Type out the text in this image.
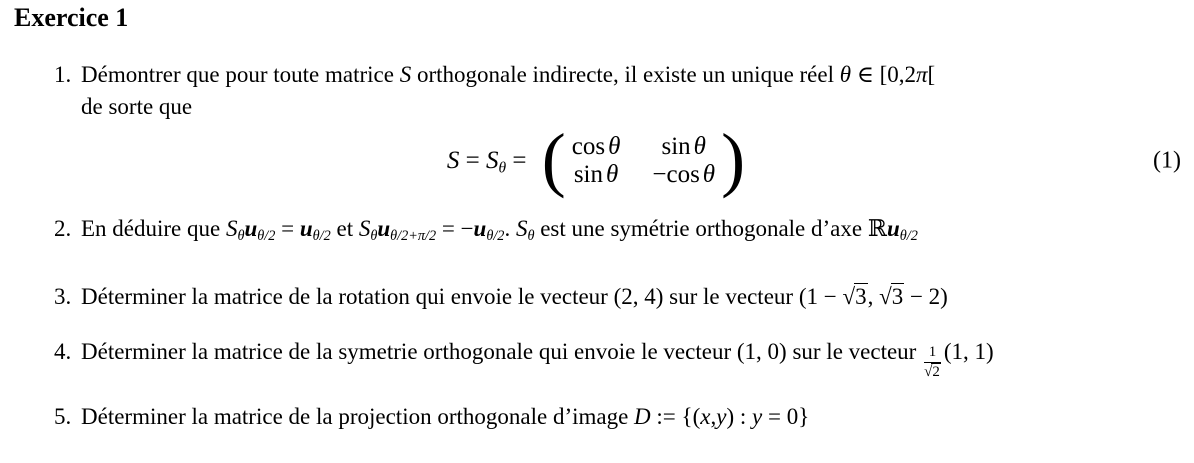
Exercice 1
1. Démontrer que pour toute matrice S orthogonale indirecte, il existe un unique réel θ ∈ [0,2π[
de sorte que
$S = S_\theta$ = ( cos θ sin θ
sin θ −cos θ )	(1)
2. En déduire que $S_\theta u_{\theta/2} = u_{\theta/2}$ et $S_\theta u_{\theta/2+\pi/2} = -u_{\theta/2}$. $S_\theta$ est une symétrie orthogonale d’axe ℝu$_{\theta/2}$
3. Déterminer la matrice de la rotation qui envoie le vecteur (2, 4) sur le vecteur (1 − √3, √3 − 2)
4. Déterminer la matrice de la symetrie orthogonale qui envoie le vecteur (1, 0) sur le vecteur $\frac{1}{√2} (1$, 1)
5. Déterminer la matrice de la projection orthogonale d’image D := {(x,y) : y = 0}
